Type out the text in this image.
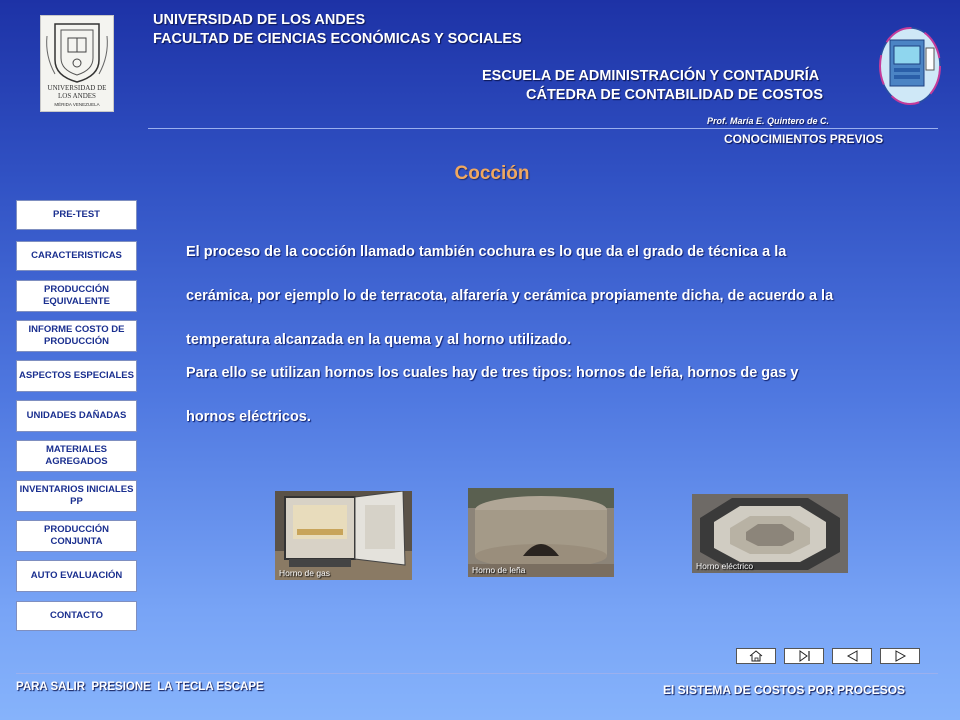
UNIVERSIDAD DE LOS ANDES
MÉRIDA VENEZUELA
UNIVERSIDAD DE LOS ANDES
FACULTAD DE CIENCIAS ECONÓMICAS Y SOCIALES
ESCUELA DE ADMINISTRACIÓN Y CONTADURÍA
CÁTEDRA DE CONTABILIDAD DE COSTOS
Prof. María E. Quintero de C.
CONOCIMIENTOS PREVIOS
Cocción
PRE-TEST
CARACTERISTICAS
PRODUCCIÓN EQUIVALENTE
INFORME COSTO DE PRODUCCIÓN
ASPECTOS ESPECIALES
UNIDADES DAÑADAS
MATERIALES AGREGADOS
INVENTARIOS INICIALES PP
PRODUCCIÓN CONJUNTA
AUTO EVALUACIÓN
CONTACTO

El proceso de la cocción llamado también cochura es lo que da el grado de técnica a la
cerámica, por ejemplo lo de terracota, alfarería y cerámica propiamente dicha, de acuerdo a la
temperatura alcanzada en la quema y al horno utilizado.

Para ello se utilizan hornos los cuales hay de tres tipos: hornos de leña, hornos de gas y
hornos eléctricos.

Horno de gas	Horno de leña	Horno eléctrico
PARA SALIR  PRESIONE  LA TECLA ESCAPE	El SISTEMA DE COSTOS POR PROCESOS
